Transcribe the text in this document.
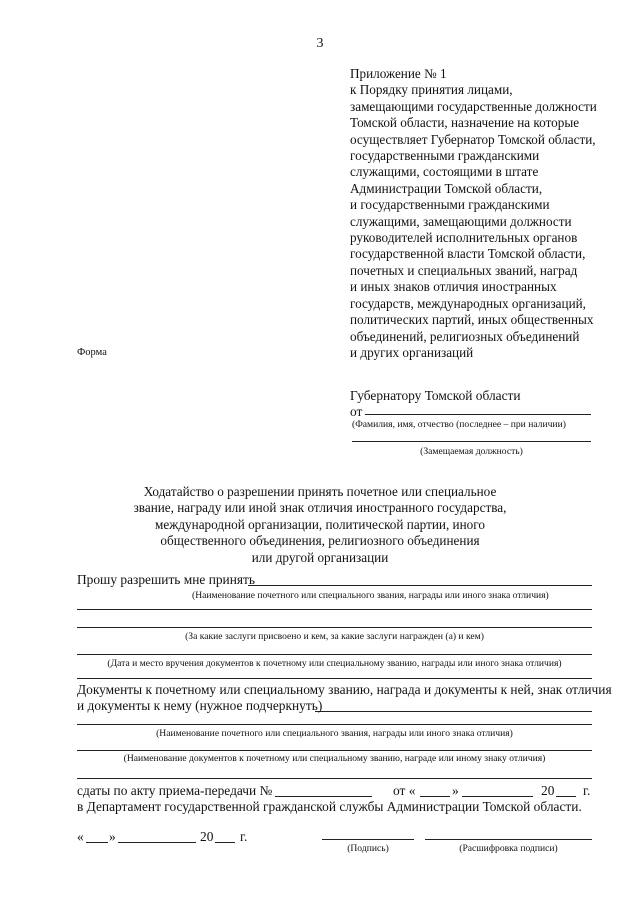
3
Приложение № 1
к Порядку принятия лицами,
замещающими государственные должности
Томской области, назначение на которые
осуществляет Губернатор Томской области,
государственными гражданскими
служащими, состоящими в штате
Администрации Томской области,
и государственными гражданскими
служащими, замещающими должности
руководителей исполнительных органов
государственной власти Томской области,
почетных и специальных званий, наград
и иных знаков отличия иностранных
государств, международных организаций,
политических партий, иных общественных
объединений, религиозных объединений
и других организаций
Форма
Губернатору Томской области
от
(Фамилия, имя, отчество (последнее – при наличии)
(Замещаемая должность)
Ходатайство о разрешении принять почетное или специальное
звание, награду или иной знак отличия иностранного государства,
международной организации, политической партии, иного
общественного объединения, религиозного объединения
или другой организации
Прошу разрешить мне принять
(Наименование почетного или специального звания, награды или иного знака отличия)
(За какие заслуги присвоено и кем, за какие заслуги награжден (а) и кем)
(Дата и место вручения документов к почетному или специальному званию, награды или иного знака отличия)
Документы к почетному или специальному званию, награда и документы к ней, знак отличия
и документы к нему (нужное подчеркнуть)
(Наименование почетного или специального звания, награды или иного знака отличия)
(Наименование документов к почетному или специальному званию, награде или иному знаку отличия)
сдаты по акту приема-передачи №	от «	»	20 г.
в Департамент государственной гражданской службы Администрации Томской области.
« »	20 г.
(Подпись)	(Расшифровка подписи)
